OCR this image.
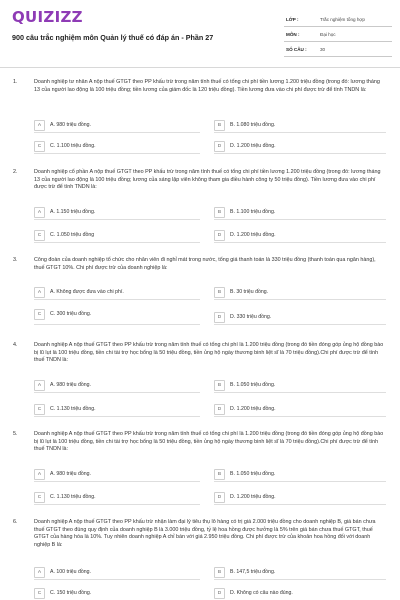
QUIZIZZ
900 câu trắc nghiệm môn Quản lý thuế có đáp án - Phần 27
LỚP :	Trắc nghiệm tổng hợp
MÔN :	Đại học
SỐ CÂU :	30
1.	Doanh nghiệp tư nhân A nộp thuế GTGT theo PP khấu trừ trong năm tính thuế có tổng chi phí tiền lương 1.200 triệu đồng (trong đó: lương tháng 13 của người lao động là 100 triệu đồng; tiền lương của giám đốc là 120 triệu đồng). Tiền lương đưa vào chi phí được trừ để tính TNDN là:
2.	Doanh nghiệp cổ phần A nộp thuế GTGT theo PP khấu trừ trong năm tính thuế có tổng chi phí tiền lương 1.200 triệu đồng (trong đó: lương tháng 13 của người lao động là 100 triệu đồng; lương của sáng lập viên không tham gia điều hành công ty 50 triệu đồng). Tiền lương đưa vào chi phí được trừ để tính TNDN là:
3.	Công đoàn của doanh nghiệp tổ chức cho nhân viên đi nghỉ mát trong nước, tổng giá thanh toán là 330 triệu đồng (thanh toán qua ngân hàng), thuế GTGT 10%. Chi phí được trừ của doanh nghiệp là:
4.	Doanh nghiệp A nộp thuế GTGT theo PP khấu trừ trong năm tính thuế có tổng chi phí là 1.200 triệu đồng (trong đó tiền đóng góp ủng hộ đồng bào bị lũ lụt là 100 triệu đồng, tiền chi tài trợ học bổng là 50 triệu đồng, tiền ủng hộ ngày thương binh liệt sĩ là 70 triệu đồng).Chi phí được trừ để tính thuế TNDN là:
5.	Doanh nghiệp A nộp thuế GTGT theo PP khấu trừ trong năm tính thuế có tổng chi phí là 1.200 triệu đồng (trong đó tiền đóng góp ủng hộ đồng bào bị lũ lụt là 100 triệu đồng, tiền chi tài trợ học bổng là 50 triệu đồng, tiền ủng hộ ngày thương binh liệt sĩ là 70 triệu đồng).Chi phí được trừ để tính thuế TNDN là:
6.	Doanh nghiệp A nộp thuế GTGT theo PP khấu trừ nhận làm đại lý tiêu thụ lô hàng có trị giá 2.000 triệu đồng cho doanh nghiệp B, giá bán chưa thuế GTGT theo đúng quy định của doanh nghiệp B là 3.000 triệu đồng, tỷ lệ hoa hồng được hưởng là 5% trên giá bán chưa thuế GTGT, thuế GTGT của hàng hóa là 10%. Tuy nhiên doanh nghiệp A chỉ bán với giá 2.950 triệu đồng. Chi phí được trừ của khoản hoa hồng đối với doanh nghiệp B là:
A	A. 980 triệu đồng.	B	B. 1.080 triệu đồng.
C	C. 1.100 triệu đồng.	D	D. 1.200 triệu đồng.
A	A. 1.150 triệu đồng.	B	B. 1.100 triệu đồng.
C	C. 1.050 triệu đồng	D	D. 1.200 triệu đồng.
A	A. Không được đưa vào chi phí.	B	B. 30 triệu đồng.
C	C. 300 triệu đồng.	D	D. 330 triệu đồng.
A	A. 980 triệu đồng.	B	B. 1.050 triệu đồng.
C	C. 1.130 triệu đồng.	D	D. 1.200 triệu đồng.
A	A. 980 triệu đồng.	B	B. 1.050 triệu đồng.
C	C. 1.130 triệu đồng.	D	D. 1.200 triệu đồng.
A	A. 100 triệu đồng.	B	B. 147,5 triệu đồng.
C	C. 150 triệu đồng.	D	D. Không có câu nào đúng.
